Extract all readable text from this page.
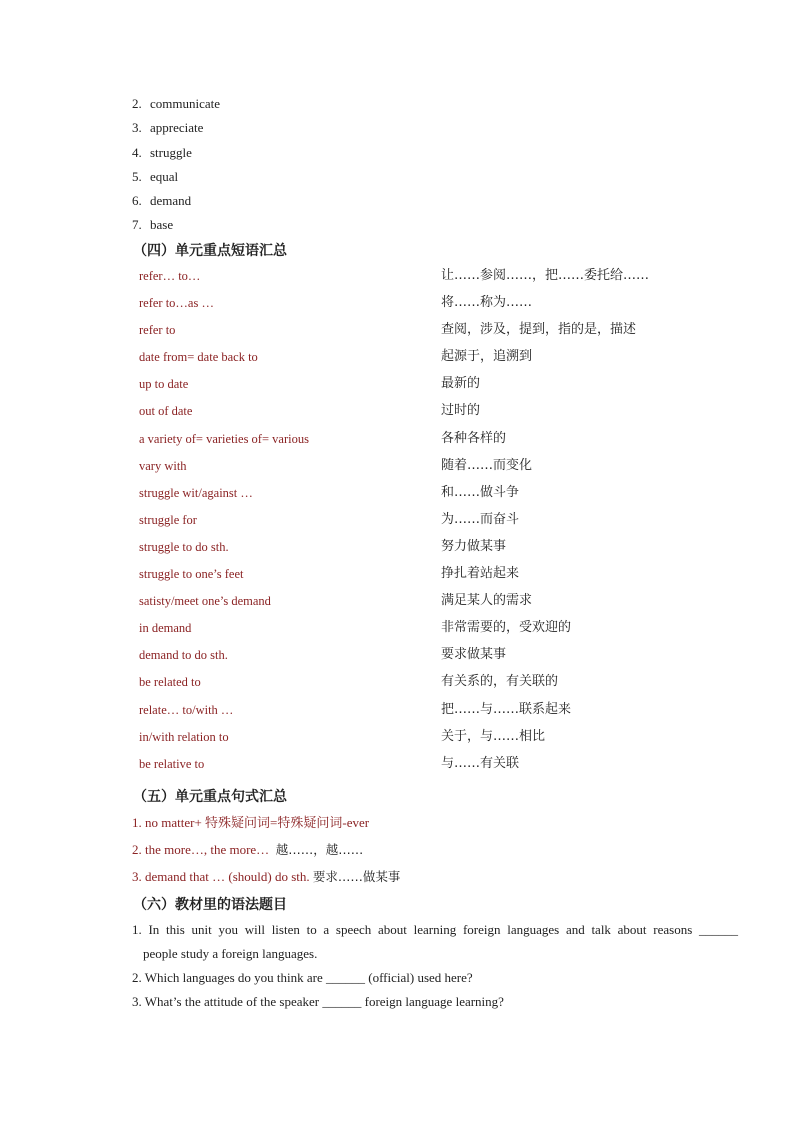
2. communicate
3. appreciate
4. struggle
5. equal
6. demand
7. base
（四）单元重点短语汇总
refer… to…	让……参阅……，把……委托给……
refer to…as …	将……称为……
refer to	查阅，涉及，提到，指的是，描述
date from= date back to	起源于，追溯到
up to date	最新的
out of date	过时的
a variety of= varieties of= various	各种各样的
vary with	随着……而变化
struggle wit/against …	和……做斗争
struggle for	为……而奋斗
struggle to do sth.	努力做某事
struggle to one’s feet	挣扎着站起来
satisty/meet one’s demand	满足某人的需求
in demand	非常需要的，受欢迎的
demand to do sth.	要求做某事
be related to	有关系的，有关联的
relate… to/with …	把……与……联系起来
in/with relation to	关于，与……相比
be relative to	与……有关联
（五）单元重点句式汇总
1. no matter+ 特殊疑问词=特殊疑问词-ever
2. the more…, the more… 越……，越……
3. demand that … (should) do sth. 要求……做某事
（六）教材里的语法题目

1. In this unit you will listen to a speech about learning foreign languages and talk about reasons ______

people study a foreign languages.

2. Which languages do you think are ______ (official) used here?

3. What’s the attitude of the speaker ______ foreign language learning?
